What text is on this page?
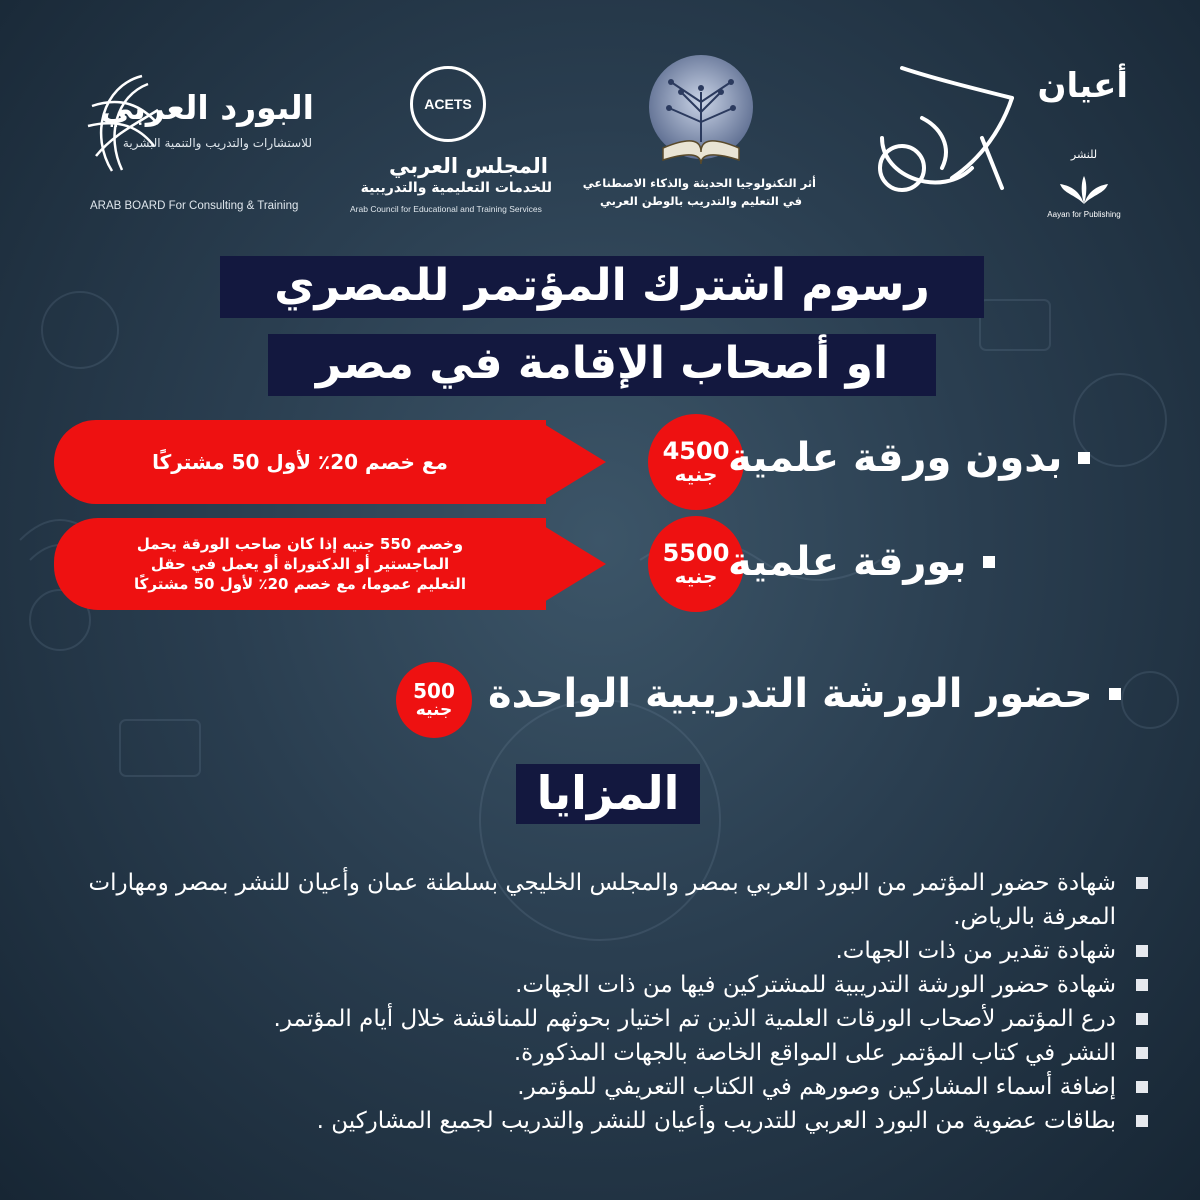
البورد العربي
للاستشارات والتدريب والتنمية البشرية
ARAB BOARD For Consulting & Training
ACETS
المجلس العربي
للخدمات التعليمية والتدريبية
Arab Council for Educational and Training Services
أثر التكنولوجيا الحديثة والذكاء الاصطناعي
في التعليم والتدريب بالوطن العربي
أعيان
للنشر
Aayan for Publishing
رسوم اشترك المؤتمر للمصري
او أصحاب الإقامة في مصر
مع خصم 20٪ لأول 50 مشتركًا	4500
جنيه بدون ورقة علمية
وخصم 550 جنيه إذا كان صاحب الورقة يحمل
الماجستير أو الدكتوراة أو يعمل في حقل
التعليم عموما، مع خصم 20٪ لأول 50 مشتركًا
5500
جنيه بورقة علمية
500
جنيه حضور الورشة التدريبية الواحدة
المزايا
شهادة حضور المؤتمر من البورد العربي بمصر والمجلس الخليجي بسلطنة عمان وأعيان للنشر بمصر ومهارات المعرفة بالرياض.
شهادة تقدير من ذات الجهات.
شهادة حضور الورشة التدريبية للمشتركين فيها من ذات الجهات.
درع المؤتمر لأصحاب الورقات العلمية الذين تم اختيار بحوثهم للمناقشة خلال أيام المؤتمر.
النشر في كتاب المؤتمر على المواقع الخاصة بالجهات المذكورة.
إضافة أسماء المشاركين وصورهم في الكتاب التعريفي للمؤتمر.
بطاقات عضوية من البورد العربي للتدريب وأعيان للنشر والتدريب لجميع المشاركين .
